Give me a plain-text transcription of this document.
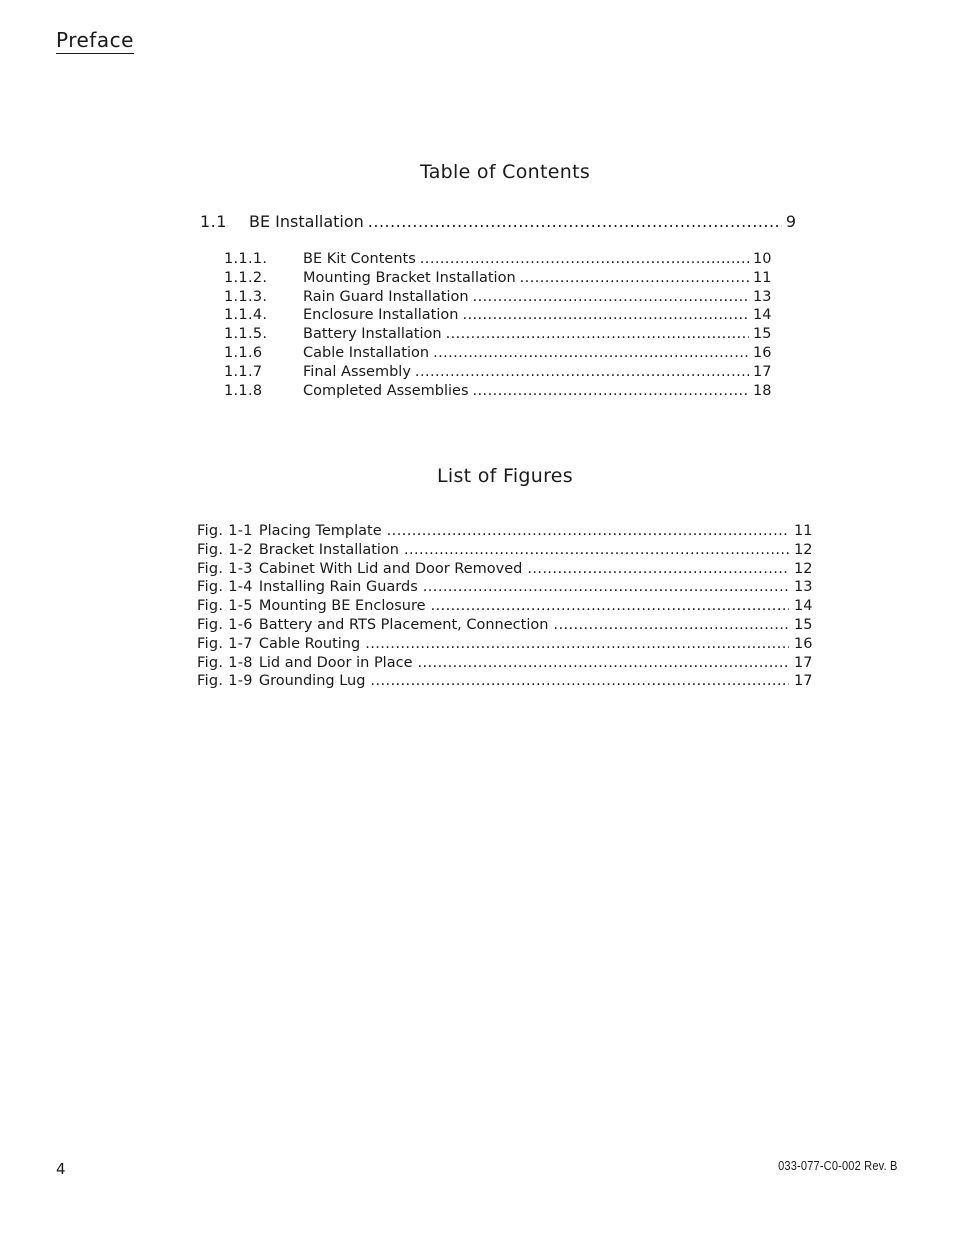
Preface
Table of Contents
1.1 BE Installation . . .	9
1.1.1.	BE Kit Contents . . .	10
1.1.2.	Mounting Bracket Installation . . .	11
1.1.3.	Rain Guard Installation . . .	13
1.1.4.	Enclosure Installation . . .	14
1.1.5.	Battery Installation . . .	15
1.1.6	Cable Installation . . .	16
1.1.7	Final Assembly . . .	17
1.1.8	Completed Assemblies . . .	18
List of Figures
Fig. 1-1 Placing Template . . .	11
Fig. 1-2 Bracket Installation . . .	12
Fig. 1-3 Cabinet With Lid and Door Removed . . .	12
Fig. 1-4 Installing Rain Guards . . .	13
Fig. 1-5 Mounting BE Enclosure . . .	14
Fig. 1-6 Battery and RTS Placement, Connection . . .	15
Fig. 1-7 Cable Routing . . .	16
Fig. 1-8 Lid and Door in Place . . .	17
Fig. 1-9 Grounding Lug . . .	17
4	033-077-C0-002 Rev. B
